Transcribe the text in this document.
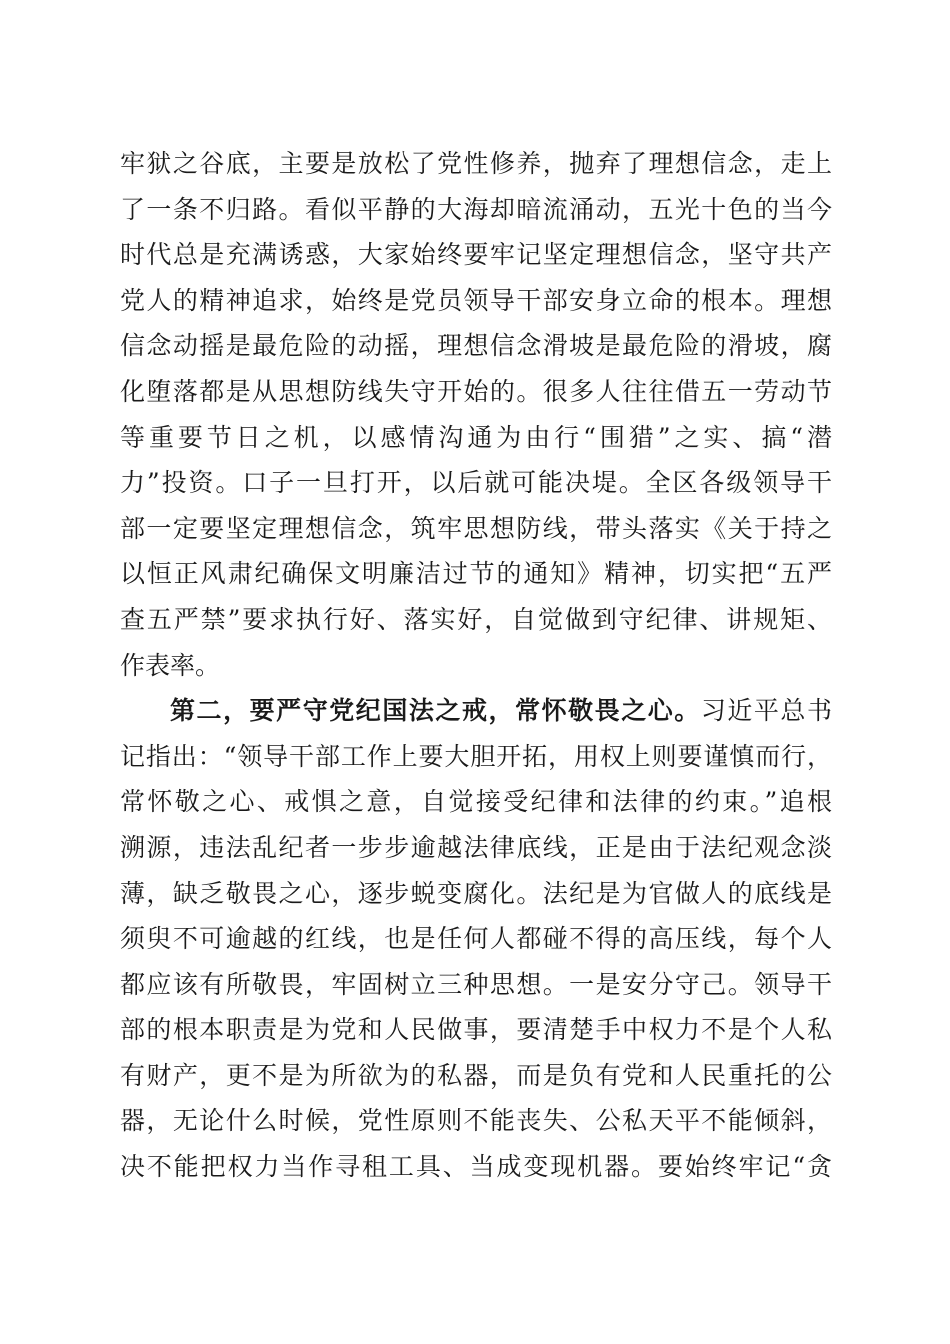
牢狱之谷底，主要是放松了党性修养，抛弃了理想信念，走上
了一条不归路。看似平静的大海却暗流涌动，五光十色的当今
时代总是充满诱惑，大家始终要牢记坚定理想信念，坚守共产
党人的精神追求，始终是党员领导干部安身立命的根本。理想
信念动摇是最危险的动摇，理想信念滑坡是最危险的滑坡，腐
化堕落都是从思想防线失守开始的。很多人往往借五一劳动节
等重要节日之机，以感情沟通为由行“围猎”之实、搞“潜
力”投资。口子一旦打开，以后就可能决堤。全区各级领导干
部一定要坚定理想信念，筑牢思想防线，带头落实《关于持之
以恒正风肃纪确保文明廉洁过节的通知》精神，切实把“五严
查五严禁”要求执行好、落实好，自觉做到守纪律、讲规矩、
作表率。
第二，要严守党纪国法之戒，常怀敬畏之心。习近平总书
记指出：“领导干部工作上要大胆开拓，用权上则要谨慎而行，
常怀敬之心、戒惧之意，自觉接受纪律和法律的约束。”追根
溯源，违法乱纪者一步步逾越法律底线，正是由于法纪观念淡
薄，缺乏敬畏之心，逐步蜕变腐化。法纪是为官做人的底线是
须臾不可逾越的红线，也是任何人都碰不得的高压线，每个人
都应该有所敬畏，牢固树立三种思想。一是安分守己。领导干
部的根本职责是为党和人民做事，要清楚手中权力不是个人私
有财产，更不是为所欲为的私器，而是负有党和人民重托的公
器，无论什么时候，党性原则不能丧失、公私天平不能倾斜，
决不能把权力当作寻租工具、当成变现机器。要始终牢记“贪
